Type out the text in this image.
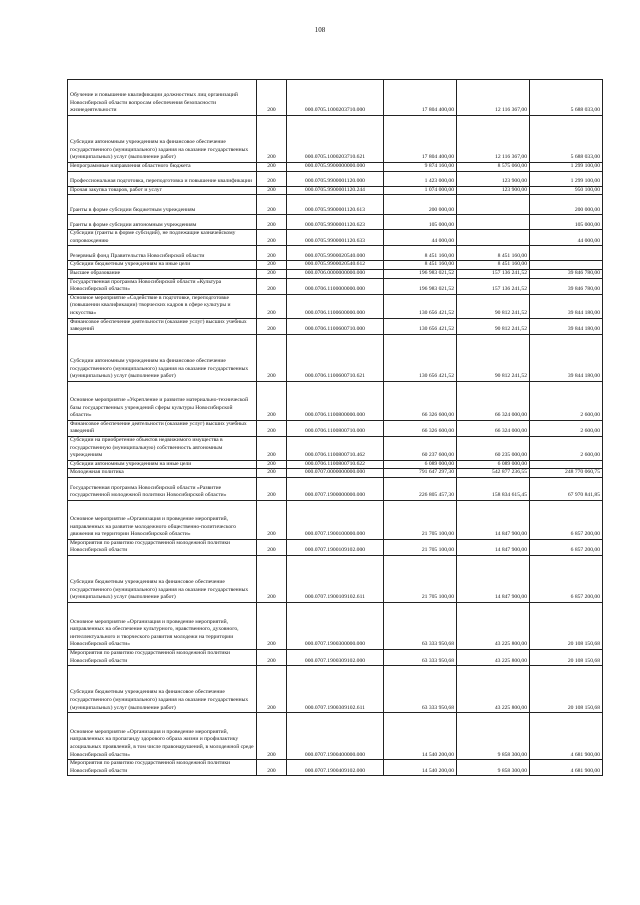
108
Обучение и повышение квалификации должностных лиц организаций Новосибирской области вопросам обеспечения безопасности жизнедеятельности	200	000.0705.1000203710.000	17 804 400,00	12 116 367,00	5 688 033,00
Субсидии автономным учреждениям на финансовое обеспечение государственного (муниципального) задания на оказание государственных (муниципальных) услуг (выполнение работ)	200	000.0705.1000203710.621	17 804 400,00	12 116 367,00	5 688 033,00
Непрограммные направления областного бюджета	200	000.0705.9900000000.000	9 874 160,00	8 575 060,00	1 299 100,00
Профессиональная подготовка, переподготовка и повышение квалификации	200	000.0705.9900001120.000	1 423 000,00	123 900,00	1 299 100,00
Прочая закупка товаров, работ и услуг	200	000.0705.9900001120.244	1 074 000,00	123 900,00	950 100,00
Гранты в форме субсидии бюджетным учреждениям	200	000.0705.9900001120.613	200 000,00		200 000,00
Гранты в форме субсидии автономным учреждениям	200	000.0705.9900001120.623	105 000,00		105 000,00
Субсидии (гранты в форме субсидий), не подлежащие казначейскому сопровождению	200	000.0705.9900001120.633	44 000,00		44 000,00
Резервный фонд Правительства Новосибирской области	200	000.0705.9900020540.000	8 451 160,00	8 451 160,00	
Субсидии бюджетным учреждениям на иные цели	200	000.0705.9900020540.612	8 451 160,00	8 451 160,00	
Высшее образование	200	000.0706.0000000000.000	196 983 021,52	157 136 241,52	39 846 780,00
Государственная программа Новосибирской области «Культура Новосибирской области»	200	000.0706.1100000000.000	196 983 021,52	157 136 241,52	39 846 780,00
Основное мероприятие «Содействие в подготовке, переподготовке (повышении квалификации) творческих кадров в сфере культуры и искусства»	200	000.0706.1100600000.000	130 656 421,52	90 812 241,52	39 844 180,00
Финансовое обеспечение деятельности (оказание услуг) высших учебных заведений	200	000.0706.1100600710.000	130 656 421,52	90 812 241,52	39 844 180,00
Субсидии автономным учреждениям на финансовое обеспечение государственного (муниципального) задания на оказание государственных (муниципальных) услуг (выполнение работ)	200	000.0706.1100600710.621	130 656 421,52	90 812 241,52	39 844 180,00
Основное мероприятие «Укрепление и развитие материально-технической базы государственных учреждений сферы культуры Новосибирской области»	200	000.0706.1100800000.000	66 326 600,00	66 324 000,00	2 600,00
Финансовое обеспечение деятельности (оказание услуг) высших учебных заведений	200	000.0706.1100800710.000	66 326 600,00	66 324 000,00	2 600,00
Субсидии на приобретение объектов недвижимого имущества в государственную (муниципальную) собственность автономным учреждениям	200	000.0706.1100800710.462	60 237 600,00	60 235 000,00	2 600,00
Субсидии автономным учреждениям на иные цели	200	000.0706.1100800710.622	6 089 000,00	6 089 000,00	
Молодежная политика	200	000.0707.0000000000.000	791 647 297,30	542 877 236,55	248 770 060,75
Государственная программа Новосибирской области «Развитие государственной молодежной политики Новосибирской области»	200	000.0707.1900000000.000	226 805 457,30	158 834 615,45	67 970 841,85
Основное мероприятие «Организация и проведение мероприятий, направленных на развитие молодежного общественно-политического движения на территории Новосибирской области»	200	000.0707.1900100000.000	21 705 100,00	14 847 900,00	6 857 200,00
Мероприятия по развитию государственной молодежной политики Новосибирской области	200	000.0707.1900109102.000	21 705 100,00	14 847 900,00	6 857 200,00
Субсидии бюджетным учреждениям на финансовое обеспечение государственного (муниципального) задания на оказание государственных (муниципальных) услуг (выполнение работ)	200	000.0707.1900109102.611	21 705 100,00	14 847 900,00	6 857 200,00
Основное мероприятие «Организация и проведение мероприятий, направленных на обеспечение культурного, нравственного, духовного, интеллектуального и творческого развития молодежи на территории Новосибирской области»	200	000.0707.1900300000.000	63 333 950,68	43 225 800,00	20 108 150,68
Мероприятия по развитию государственной молодежной политики Новосибирской области	200	000.0707.1900309102.000	63 333 950,68	43 225 800,00	20 108 150,68
Субсидии бюджетным учреждениям на финансовое обеспечение государственного (муниципального) задания на оказание государственных (муниципальных) услуг (выполнение работ)	200	000.0707.1900309102.611	63 333 950,68	43 225 800,00	20 108 150,68
Основное мероприятие «Организация и проведение мероприятий, направленных на пропаганду здорового образа жизни и профилактику асоциальных проявлений, в том числе правонарушений, в молодежной среде Новосибирской области»	200	000.0707.1900400000.000	14 540 200,00	9 858 300,00	4 681 900,00
Мероприятия по развитию государственной молодежной политики Новосибирской области	200	000.0707.1900409102.000	14 540 200,00	9 858 300,00	4 681 900,00
